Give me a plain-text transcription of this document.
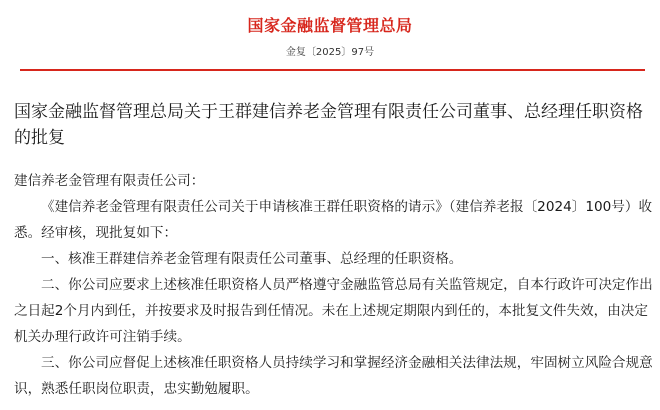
国家金融监督管理总局
金复〔2025〕97号
国家金融监督管理总局关于王群建信养老金管理有限责任公司董事、总经理任职资格的批复

建信养老金管理有限责任公司：

《建信养老金管理有限责任公司关于申请核准王群任职资格的请示》（建信养老报〔2024〕100号）收悉。经审核，现批复如下：

一、核准王群建信养老金管理有限责任公司董事、总经理的任职资格。

二、你公司应要求上述核准任职资格人员严格遵守金融监管总局有关监管规定，自本行政许可决定作出之日起2个月内到任，并按要求及时报告到任情况。未在上述规定期限内到任的，本批复文件失效，由决定机关办理行政许可注销手续。

三、你公司应督促上述核准任职资格人员持续学习和掌握经济金融相关法律法规，牢固树立风险合规意识，熟悉任职岗位职责，忠实勤勉履职。
